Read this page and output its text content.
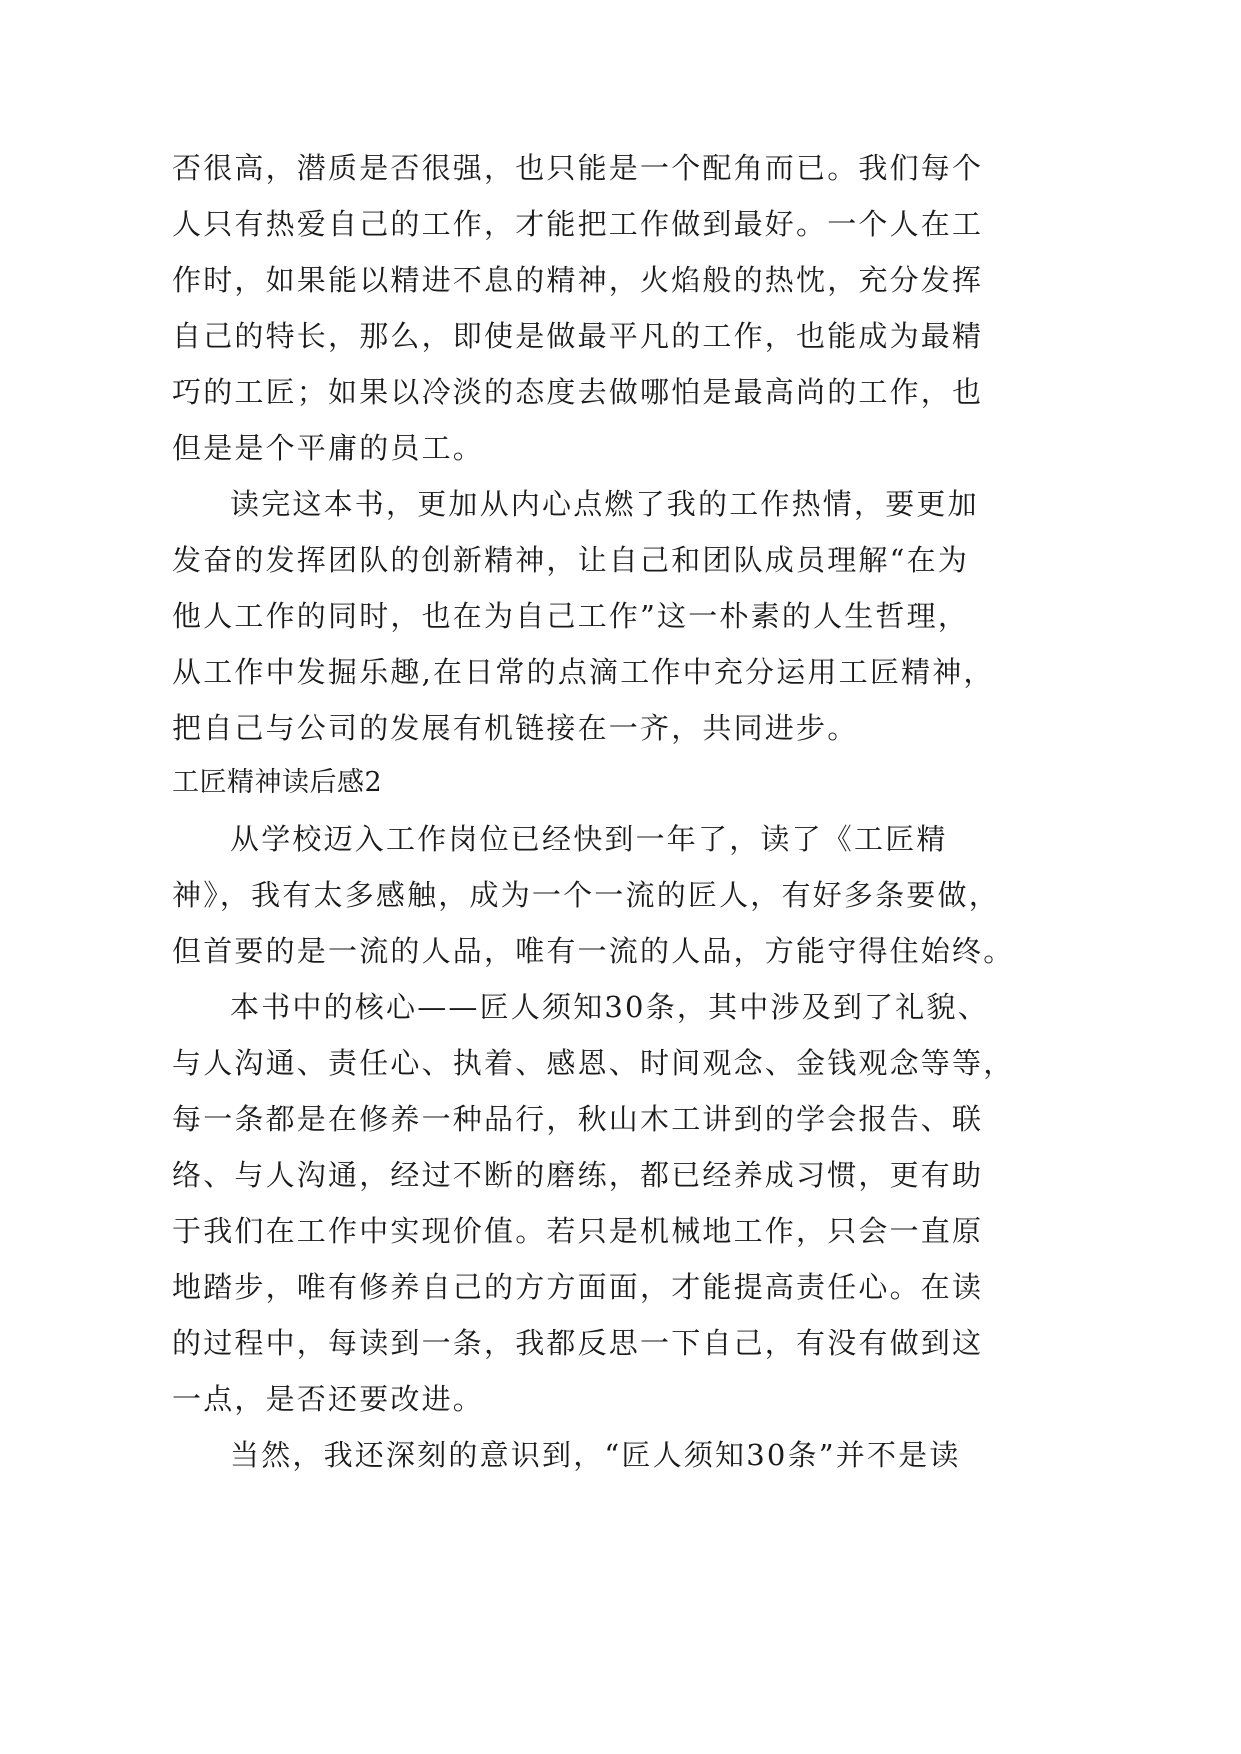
否很高，潜质是否很强，也只能是一个配角而已。我们每个
人只有热爱自己的工作，才能把工作做到最好。一个人在工
作时，如果能以精进不息的精神，火焰般的热忱，充分发挥
自己的特长，那么，即使是做最平凡的工作，也能成为最精
巧的工匠；如果以冷淡的态度去做哪怕是最高尚的工作，也
但是是个平庸的员工。
读完这本书，更加从内心点燃了我的工作热情，要更加
发奋的发挥团队的创新精神，让自己和团队成员理解“在为
他人工作的同时，也在为自己工作”这一朴素的人生哲理，
从工作中发掘乐趣,在日常的点滴工作中充分运用工匠精神，
把自己与公司的发展有机链接在一齐，共同进步。
工匠精神读后感2
从学校迈入工作岗位已经快到一年了，读了《工匠精
神》，我有太多感触，成为一个一流的匠人，有好多条要做，
但首要的是一流的人品，唯有一流的人品，方能守得住始终。
本书中的核心——匠人须知30条，其中涉及到了礼貌、
与人沟通、责任心、执着、感恩、时间观念、金钱观念等等，
每一条都是在修养一种品行，秋山木工讲到的学会报告、联
络、与人沟通，经过不断的磨练，都已经养成习惯，更有助
于我们在工作中实现价值。若只是机械地工作，只会一直原
地踏步，唯有修养自己的方方面面，才能提高责任心。在读
的过程中，每读到一条，我都反思一下自己，有没有做到这
一点，是否还要改进。
当然，我还深刻的意识到，“匠人须知30条”并不是读
